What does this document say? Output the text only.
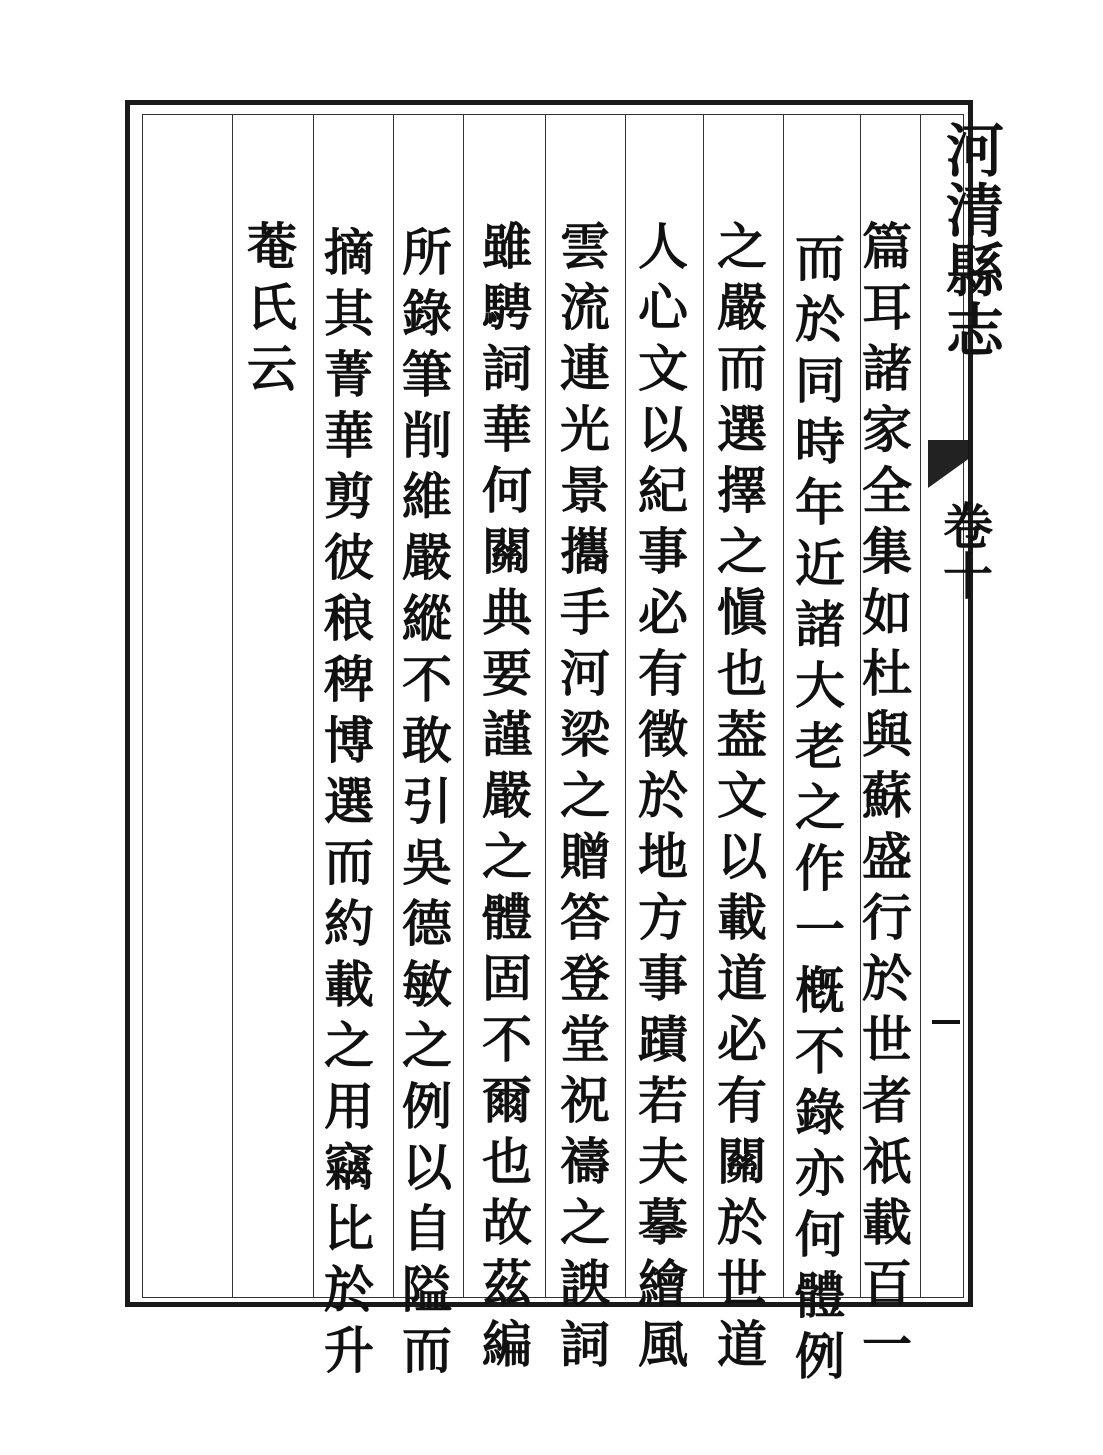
篇耳諸家全集如杜與蘇盛行於世者祇載百一
而於同時年近諸大老之作一槪不錄亦何體例
之嚴而選擇之愼也葢文以載道必有關於世道
人心文以紀事必有徵於地方事蹟若夫摹繪風
雲流連光景攜手河梁之贈答登堂祝禱之諛詞
雖騁詞華何關典要謹嚴之體固不爾也故茲編
所錄筆削維嚴縱不敢引吳德敏之例以自隘而
摘其菁華剪彼稂稗博選而約載之用竊比於升
菴氏云	河清縣志
卷十
